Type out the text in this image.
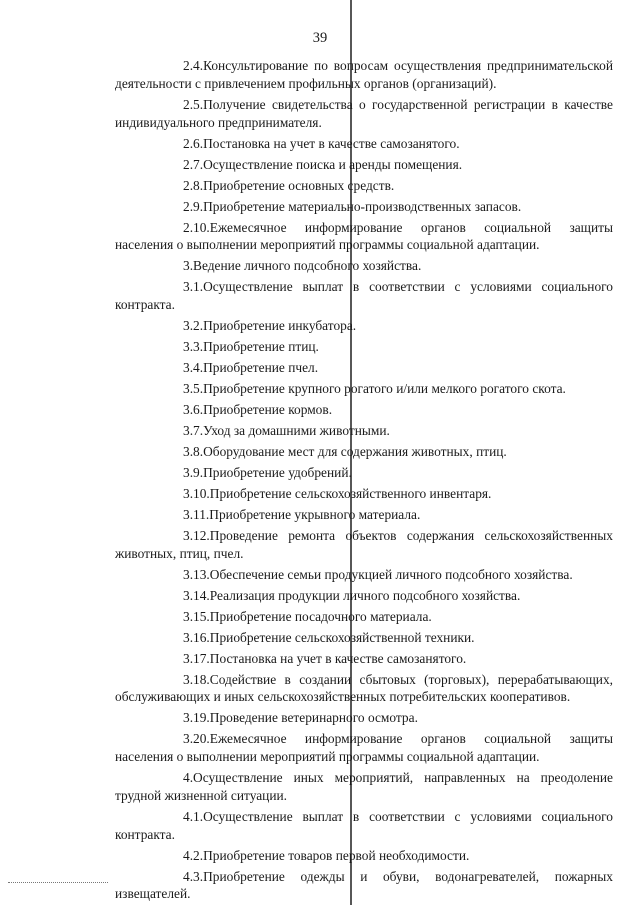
39

2.4.Консультирование по вопросам осуществления предпринимательской деятельности с привлечением профильных органов (организаций).

2.5.Получение свидетельства о государственной регистрации в качестве индивидуального предпринимателя.

2.6.Постановка на учет в качестве самозанятого.

2.7.Осуществление поиска и аренды помещения.

2.8.Приобретение основных средств.

2.9.Приобретение материально-производственных запасов.

2.10.Ежемесячное информирование органов социальной защиты населения о выполнении мероприятий программы социальной адаптации.

3.Ведение личного подсобного хозяйства.

3.1.Осуществление выплат в соответствии с условиями социального контракта.

3.2.Приобретение инкубатора.

3.3.Приобретение птиц.

3.4.Приобретение пчел.

3.5.Приобретение крупного рогатого и/или мелкого рогатого скота.

3.6.Приобретение кормов.

3.7.Уход за домашними животными.

3.8.Оборудование мест для содержания животных, птиц.

3.9.Приобретение удобрений.

3.10.Приобретение сельскохозяйственного инвентаря.

3.11.Приобретение укрывного материала.

3.12.Проведение ремонта объектов содержания сельскохозяйственных животных, птиц, пчел.

3.13.Обеспечение семьи продукцией личного подсобного хозяйства.

3.14.Реализация продукции личного подсобного хозяйства.

3.15.Приобретение посадочного материала.

3.16.Приобретение сельскохозяйственной техники.

3.17.Постановка на учет в качестве самозанятого.

3.18.Содействие в создании сбытовых (торговых), перерабатывающих, обслуживающих и иных сельскохозяйственных потребительских кооперативов.

3.19.Проведение ветеринарного осмотра.

3.20.Ежемесячное информирование органов социальной защиты населения о выполнении мероприятий программы социальной адаптации.

4.Осуществление иных мероприятий, направленных на преодоление трудной жизненной ситуации.

4.1.Осуществление выплат в соответствии с условиями социального контракта.

4.2.Приобретение товаров первой необходимости.

4.3.Приобретение одежды и обуви, водонагревателей, пожарных извещателей.
